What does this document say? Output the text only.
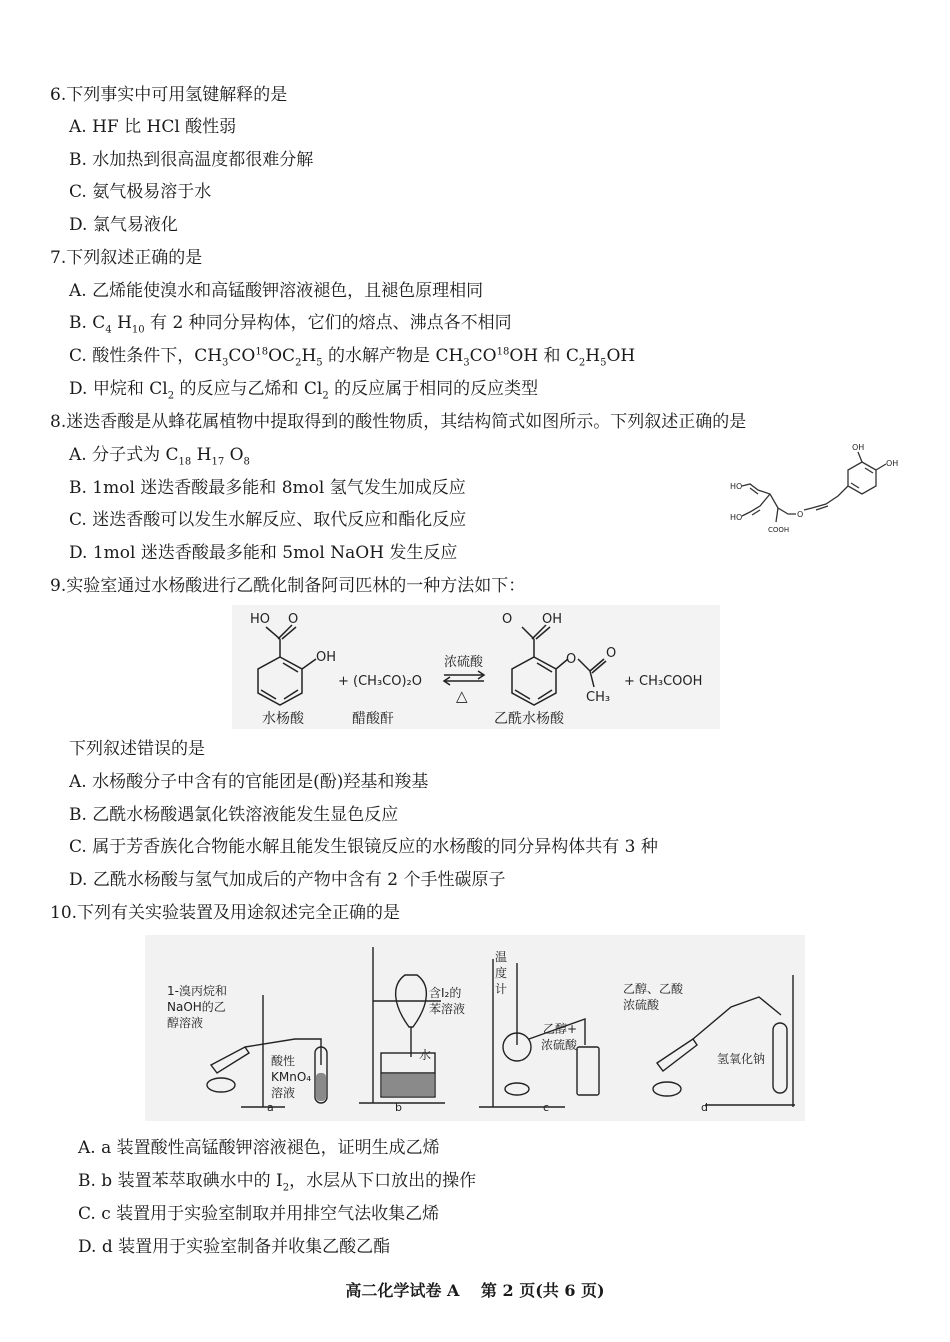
6.下列事实中可用氢键解释的是
A. HF 比 HCl 酸性弱
B. 水加热到很高温度都很难分解
C. 氨气极易溶于水
D. 氯气易液化
7.下列叙述正确的是
A. 乙烯能使溴水和高锰酸钾溶液褪色，且褪色原理相同
B. $C_4$ $H_{10}$ 有 2 种同分异构体，它们的熔点、沸点各不相同
C. 酸性条件下，$CH_3CO^{18}OC_2H_5$ 的水解产物是 $CH_3CO^{18}OH$ 和 $C_2H_5OH$
D. 甲烷和 $Cl_2$ 的反应与乙烯和 $Cl_2$ 的反应属于相同的反应类型
8.迷迭香酸是从蜂花属植物中提取得到的酸性物质，其结构简式如图所示。下列叙述正确的是
A. 分子式为 $C_{18}$ $H_{17}$ $O_8$
B. 1mol 迷迭香酸最多能和 8mol 氢气发生加成反应
C. 迷迭香酸可以发生水解反应、取代反应和酯化反应
D. 1mol 迷迭香酸最多能和 5mol NaOH 发生反应
OH
OH
HO
HO	O
COOH
9.实验室通过水杨酸进行乙酰化制备阿司匹林的一种方法如下：
HO O
OH
+ (CH₃CO)₂O
浓硫酸
△
O OH
O O
CH₃
+ CH₃COOH
水杨酸	醋酸酐	乙酰水杨酸
下列叙述错误的是
A. 水杨酸分子中含有的官能团是(酚)羟基和羧基
B. 乙酰水杨酸遇氯化铁溶液能发生显色反应
C. 属于芳香族化合物能水解且能发生银镜反应的水杨酸的同分异构体共有 3 种
D. 乙酰水杨酸与氢气加成后的产物中含有 2 个手性碳原子
10.下列有关实验装置及用途叙述完全正确的是
1-溴丙烷和
NaOH的乙
醇溶液
酸性
KMnO₄
溶液
含I₂的
苯溶液
水
温
度
计
乙醇+
浓硫酸
乙醇、乙酸
浓硫酸
氢氧化钠
a	b	c	d
A. a 装置酸性高锰酸钾溶液褪色，证明生成乙烯
B. b 装置苯萃取碘水中的 $I_2$，水层从下口放出的操作
C. c 装置用于实验室制取并用排空气法收集乙烯
D. d 装置用于实验室制备并收集乙酸乙酯
高二化学试卷 A　 第 2 页(共 6 页)
